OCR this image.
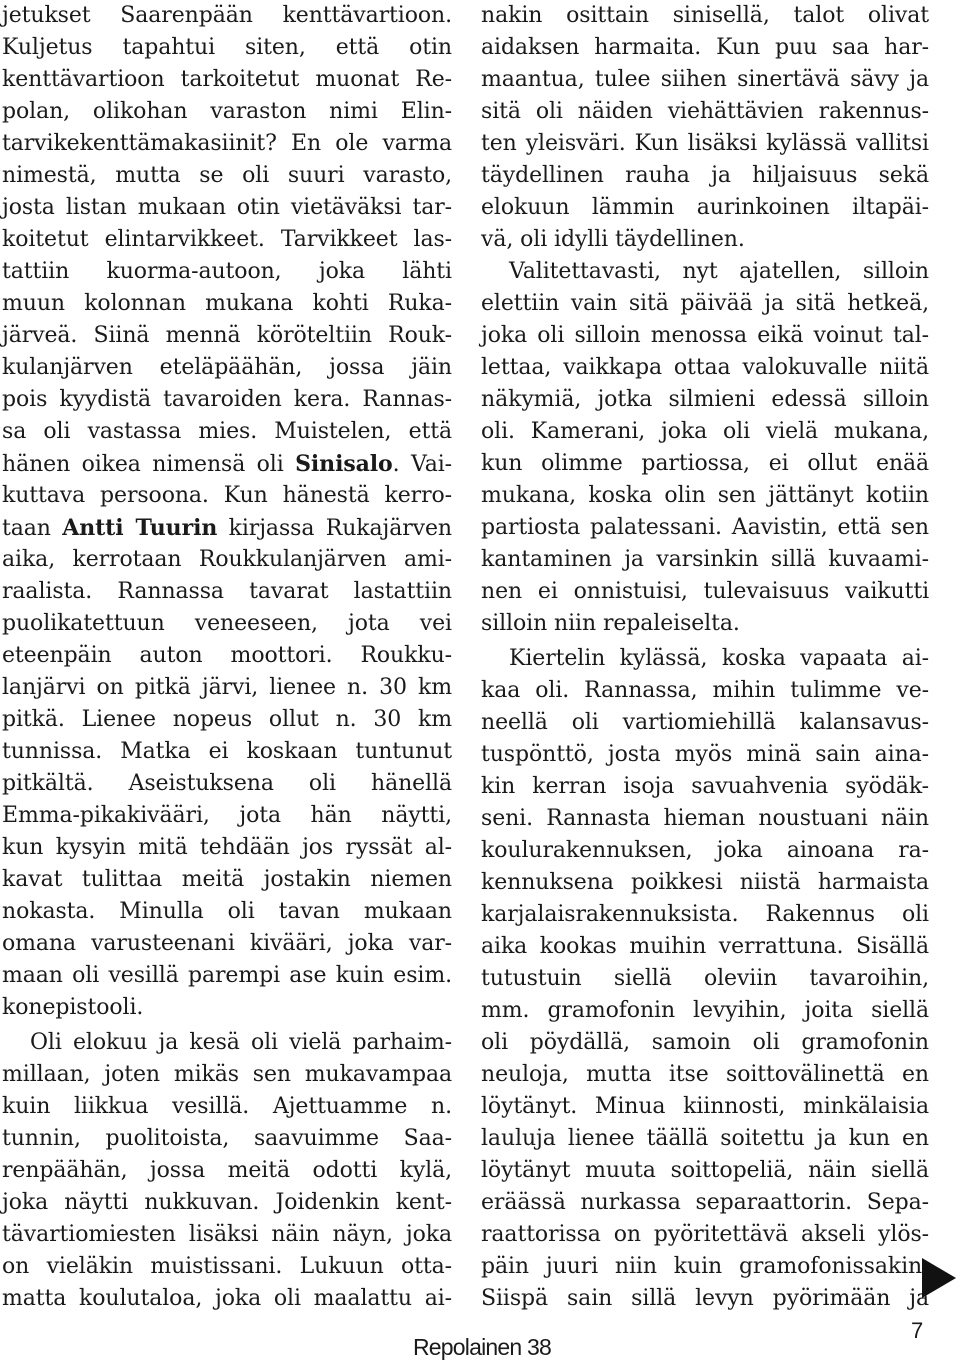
jetukset Saarenpään kenttävartioon.
Kuljetus tapahtui siten, että otin
kenttävartioon tarkoitetut muonat Re-
polan, olikohan varaston nimi Elin-
tarvikekenttämakasiinit? En ole varma
nimestä, mutta se oli suuri varasto,
josta listan mukaan otin vietäväksi tar-
koitetut elintarvikkeet. Tarvikkeet las-
tattiin kuorma-autoon, joka lähti
muun kolonnan mukana kohti Ruka-
järveä. Siinä mennä köröteltiin Rouk-
kulanjärven eteläpäähän, jossa jäin
pois kyydistä tavaroiden kera. Rannas-
sa oli vastassa mies. Muistelen, että
hänen oikea nimensä oli Sinisalo. Vai-
kuttava persoona. Kun hänestä kerro-
taan Antti Tuurin kirjassa Rukajärven
aika, kerrotaan Roukkulanjärven ami-
raalista. Rannassa tavarat lastattiin
puolikatettuun veneeseen, jota vei
eteenpäin auton moottori. Roukku-
lanjärvi on pitkä järvi, lienee n. 30 km
pitkä. Lienee nopeus ollut n. 30 km
tunnissa. Matka ei koskaan tuntunut
pitkältä. Aseistuksena oli hänellä
Emma-pikakivääri, jota hän näytti,
kun kysyin mitä tehdään jos ryssät al-
kavat tulittaa meitä jostakin niemen
nokasta. Minulla oli tavan mukaan
omana varusteenani kivääri, joka var-
maan oli vesillä parempi ase kuin esim.
konepistooli.
Oli elokuu ja kesä oli vielä parhaim-
millaan, joten mikäs sen mukavampaa
kuin liikkua vesillä. Ajettuamme n.
tunnin, puolitoista, saavuimme Saa-
renpäähän, jossa meitä odotti kylä,
joka näytti nukkuvan. Joidenkin kent-
tävartiomiesten lisäksi näin näyn, joka
on vieläkin muistissani. Lukuun otta-
matta koulutaloa, joka oli maalattu ai-
nakin osittain sinisellä, talot olivat
aidaksen harmaita. Kun puu saa har-
maantua, tulee siihen sinertävä sävy ja
sitä oli näiden viehättävien rakennus-
ten yleisväri. Kun lisäksi kylässä vallitsi
täydellinen rauha ja hiljaisuus sekä
elokuun lämmin aurinkoinen iltapäi-
vä, oli idylli täydellinen.
Valitettavasti, nyt ajatellen, silloin
elettiin vain sitä päivää ja sitä hetkeä,
joka oli silloin menossa eikä voinut tal-
lettaa, vaikkapa ottaa valokuvalle niitä
näkymiä, jotka silmieni edessä silloin
oli. Kamerani, joka oli vielä mukana,
kun olimme partiossa, ei ollut enää
mukana, koska olin sen jättänyt kotiin
partiosta palatessani. Aavistin, että sen
kantaminen ja varsinkin sillä kuvaami-
nen ei onnistuisi, tulevaisuus vaikutti
silloin niin repaleiselta.
Kiertelin kylässä, koska vapaata ai-
kaa oli. Rannassa, mihin tulimme ve-
neellä oli vartiomiehillä kalansavus-
tuspönttö, josta myös minä sain aina-
kin kerran isoja savuahvenia syödäk-
seni. Rannasta hieman noustuani näin
koulurakennuksen, joka ainoana ra-
kennuksena poikkesi niistä harmaista
karjalaisrakennuksista. Rakennus oli
aika kookas muihin verrattuna. Sisällä
tutustuin siellä oleviin tavaroihin,
mm. gramofonin levyihin, joita siellä
oli pöydällä, samoin oli gramofonin
neuloja, mutta itse soittovälinettä en
löytänyt. Minua kiinnosti, minkälaisia
lauluja lienee täällä soitettu ja kun en
löytänyt muuta soittopeliä, näin siellä
eräässä nurkassa separaattorin. Sepa-
raattorissa on pyöritettävä akseli ylös-
päin juuri niin kuin gramofonissakin.
Siispä sain sillä levyn pyörimään ja
Repolainen 38
7
